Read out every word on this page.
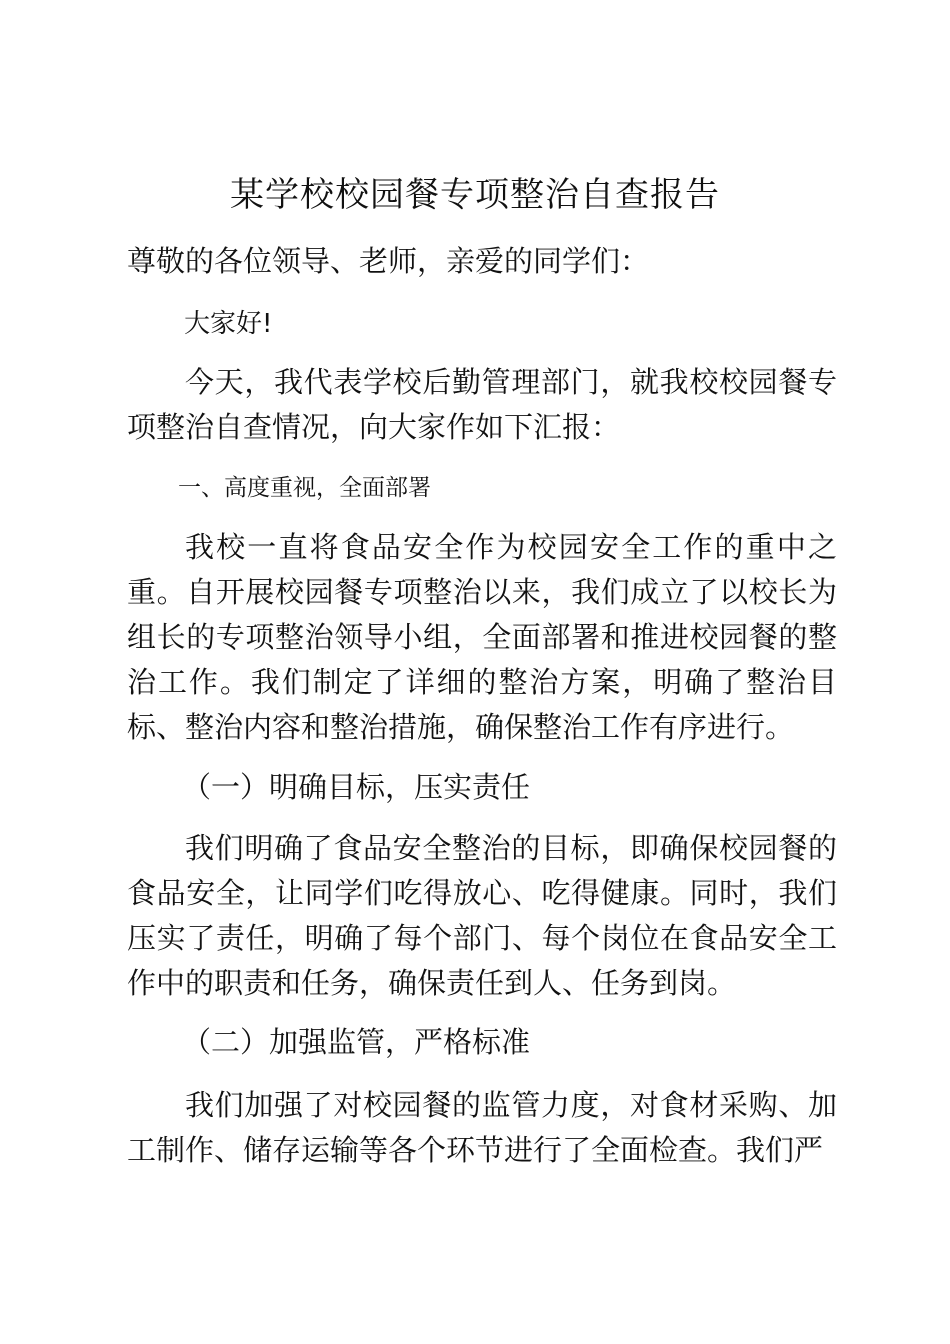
某学校校园餐专项整治自查报告

尊敬的各位领导、老师，亲爱的同学们：

大家好!

今天，我代表学校后勤管理部门，就我校校园餐专项整治自查情况，向大家作如下汇报：

一、高度重视，全面部署

我校一直将食品安全作为校园安全工作的重中之重。自开展校园餐专项整治以来，我们成立了以校长为组长的专项整治领导小组，全面部署和推进校园餐的整治工作。我们制定了详细的整治方案，明确了整治目标、整治内容和整治措施，确保整治工作有序进行。

（一）明确目标，压实责任

我们明确了食品安全整治的目标，即确保校园餐的食品安全，让同学们吃得放心、吃得健康。同时，我们压实了责任，明确了每个部门、每个岗位在食品安全工作中的职责和任务，确保责任到人、任务到岗。

（二）加强监管，严格标准

我们加强了对校园餐的监管力度，对食材采购、加工制作、储存运输等各个环节进行了全面检查。我们严
